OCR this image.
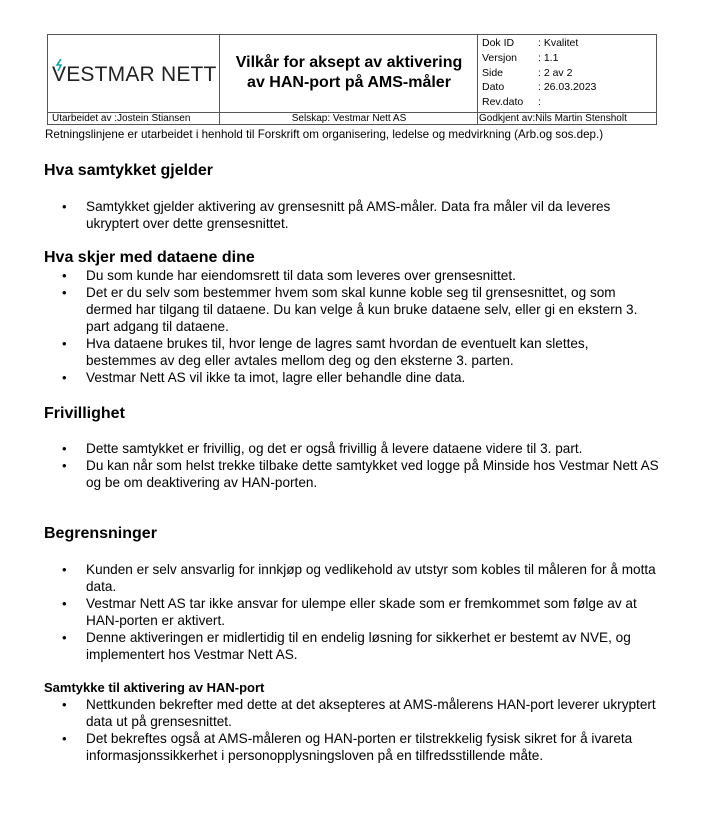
VESTMAR NETT
Vilkår for aksept av aktivering
av HAN-port på AMS-måler
Dok ID	: Kvalitet
Versjon	: 1.1
Side	: 2 av 2
Dato	: 26.03.2023
Rev.dato	:
Utarbeidet av :Jostein Stiansen	Selskap: Vestmar Nett AS	Godkjent av:Nils Martin Stensholt
Retningslinjene er utarbeidet i henhold til Forskrift om organisering, ledelse og medvirkning (Arb.og sos.dep.)
Hva samtykket gjelder
• Samtykket gjelder aktivering av grensesnitt på AMS-måler. Data fra måler vil da leveres ukryptert over dette grensesnittet.
Hva skjer med dataene dine
• Du som kunde har eiendomsrett til data som leveres over grensesnittet.
• Det er du selv som bestemmer hvem som skal kunne koble seg til grensesnittet, og som dermed har tilgang til dataene. Du kan velge å kun bruke dataene selv, eller gi en ekstern 3. part adgang til dataene.
• Hva dataene brukes til, hvor lenge de lagres samt hvordan de eventuelt kan slettes, bestemmes av deg eller avtales mellom deg og den eksterne 3. parten.
• Vestmar Nett AS vil ikke ta imot, lagre eller behandle dine data.
Frivillighet
• Dette samtykket er frivillig, og det er også frivillig å levere dataene videre til 3. part.
• Du kan når som helst trekke tilbake dette samtykket ved logge på Minside hos Vestmar Nett AS og be om deaktivering av HAN-porten.
Begrensninger
• Kunden er selv ansvarlig for innkjøp og vedlikehold av utstyr som kobles til måleren for å motta data.
• Vestmar Nett AS tar ikke ansvar for ulempe eller skade som er fremkommet som følge av at HAN-porten er aktivert.
• Denne aktiveringen er midlertidig til en endelig løsning for sikkerhet er bestemt av NVE, og implementert hos Vestmar Nett AS.
Samtykke til aktivering av HAN-port
• Nettkunden bekrefter med dette at det aksepteres at AMS-målerens HAN-port leverer ukryptert data ut på grensesnittet.
• Det bekreftes også at AMS-måleren og HAN-porten er tilstrekkelig fysisk sikret for å ivareta informasjonssikkerhet i personopplysningsloven på en tilfredsstillende måte.
